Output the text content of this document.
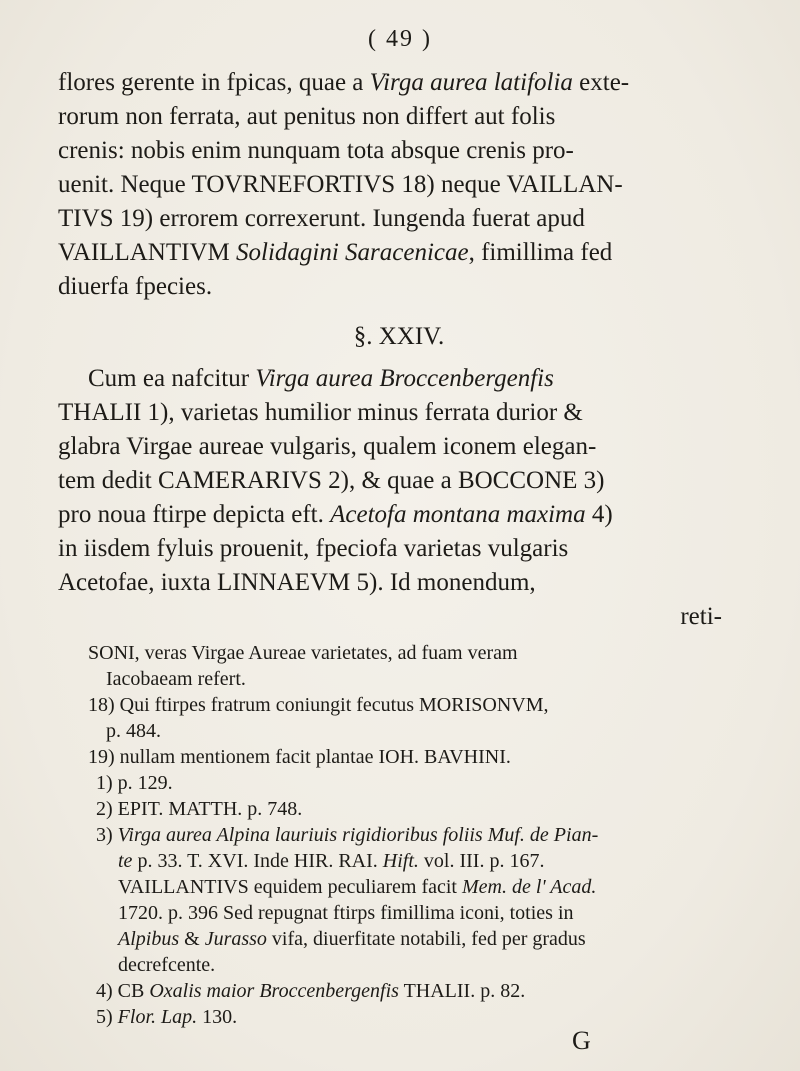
( 49 )
flores gerente in fpicas, quae a Virga aurea latifolia exte-
rorum non ferrata, aut penitus non differt aut folis
crenis: nobis enim nunquam tota absque crenis pro-
uenit. Neque TOVRNEFORTIVS 18) neque VAILLAN-
TIVS 19) errorem correxerunt. Iungenda fuerat apud
VAILLANTIVM Solidagini Saracenicae, fimillima fed
diuerfa fpecies.
§. XXIV.
Cum ea nafcitur Virga aurea Broccenbergenfis
THALII 1), varietas humilior minus ferrata durior &
glabra Virgae aureae vulgaris, qualem iconem elegan-
tem dedit CAMERARIVS 2), & quae a BOCCONE 3)
pro noua ftirpe depicta eft. Acetofa montana maxima 4)
in iisdem fyluis prouenit, fpeciofa varietas vulgaris
Acetofae, iuxta LINNAEVM 5). Id monendum,
reti-
SONI, veras Virgae Aureae varietates, ad fuam veram
Iacobaeam refert.
18) Qui ftirpes fratrum coniungit fecutus MORISONVM,
p. 484.
19) nullam mentionem facit plantae IOH. BAVHINI.
1) p. 129.
2) EPIT. MATTH. p. 748.
3) Virga aurea Alpina lauriuis rigidioribus foliis Muf. de Pian-
te p. 33. T. XVI. Inde HIR. RAI. Hift. vol. III. p. 167.
VAILLANTIVS equidem peculiarem facit Mem. de l' Acad.
1720. p. 396 Sed repugnat ftirps fimillima iconi, toties in
Alpibus & Jurasso vifa, diuerfitate notabili, fed per gradus
decrefcente.
4) CB Oxalis maior Broccenbergenfis THALII. p. 82.
5) Flor. Lap. 130.
G
